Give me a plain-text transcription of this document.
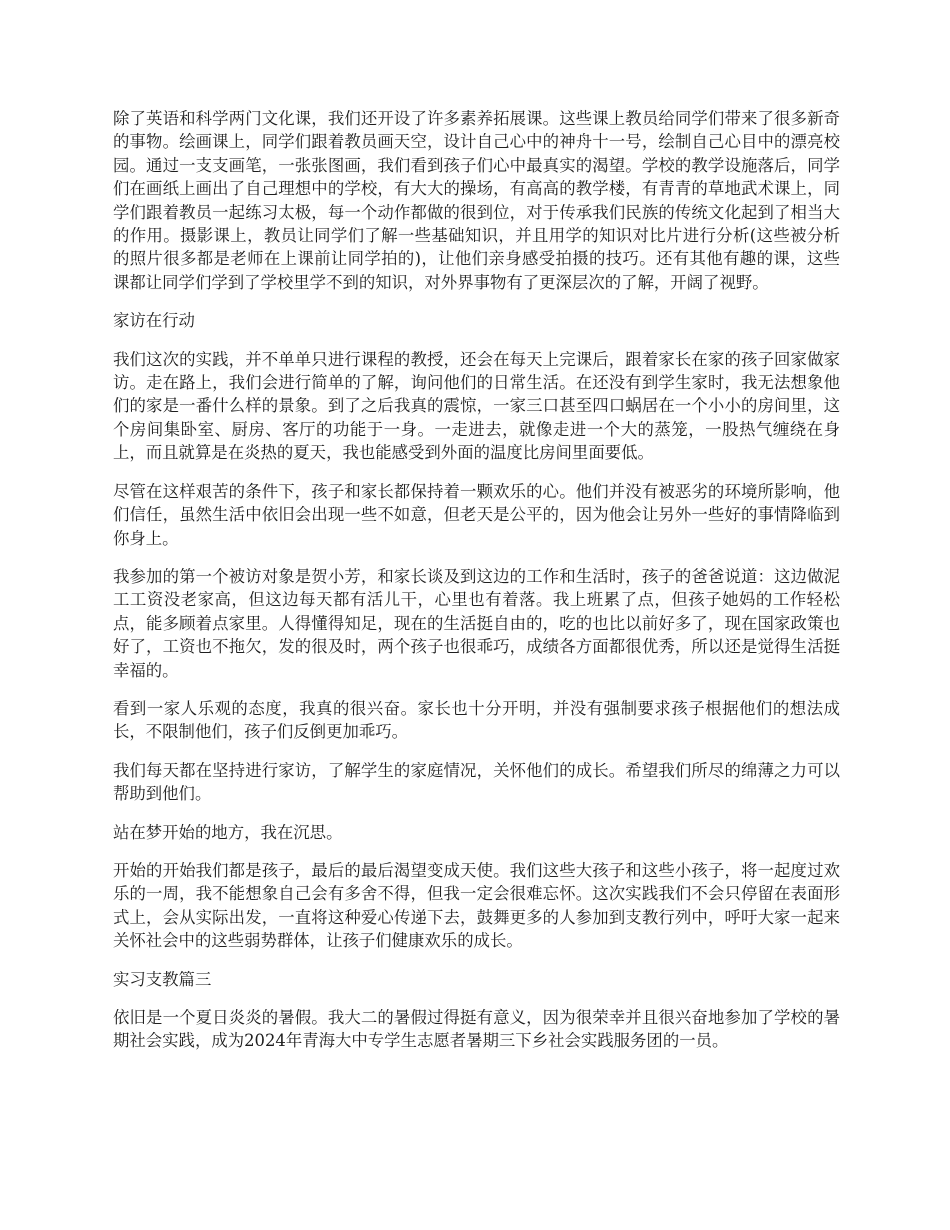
除了英语和科学两门文化课，我们还开设了许多素养拓展课。这些课上教员给同学们带来了很多新奇的事物。绘画课上，同学们跟着教员画天空，设计自己心中的神舟十一号，绘制自己心目中的漂亮校园。通过一支支画笔，一张张图画，我们看到孩子们心中最真实的渴望。学校的教学设施落后，同学们在画纸上画出了自己理想中的学校，有大大的操场，有高高的教学楼，有青青的草地武术课上，同学们跟着教员一起练习太极，每一个动作都做的很到位，对于传承我们民族的传统文化起到了相当大的作用。摄影课上，教员让同学们了解一些基础知识，并且用学的知识对比片进行分析(这些被分析的照片很多都是老师在上课前让同学拍的)，让他们亲身感受拍摄的技巧。还有其他有趣的课，这些课都让同学们学到了学校里学不到的知识，对外界事物有了更深层次的了解，开阔了视野。

家访在行动

我们这次的实践，并不单单只进行课程的教授，还会在每天上完课后，跟着家长在家的孩子回家做家访。走在路上，我们会进行简单的了解，询问他们的日常生活。在还没有到学生家时，我无法想象他们的家是一番什么样的景象。到了之后我真的震惊，一家三口甚至四口蜗居在一个小小的房间里，这个房间集卧室、厨房、客厅的功能于一身。一走进去，就像走进一个大的蒸笼，一股热气缠绕在身上，而且就算是在炎热的夏天，我也能感受到外面的温度比房间里面要低。

尽管在这样艰苦的条件下，孩子和家长都保持着一颗欢乐的心。他们并没有被恶劣的环境所影响，他们信任，虽然生活中依旧会出现一些不如意，但老天是公平的，因为他会让另外一些好的事情降临到你身上。

我参加的第一个被访对象是贺小芳，和家长谈及到这边的工作和生活时，孩子的爸爸说道：这边做泥工工资没老家高，但这边每天都有活儿干，心里也有着落。我上班累了点，但孩子她妈的工作轻松点，能多顾着点家里。人得懂得知足，现在的生活挺自由的，吃的也比以前好多了，现在国家政策也好了，工资也不拖欠，发的很及时，两个孩子也很乖巧，成绩各方面都很优秀，所以还是觉得生活挺幸福的。

看到一家人乐观的态度，我真的很兴奋。家长也十分开明，并没有强制要求孩子根据他们的想法成长，不限制他们，孩子们反倒更加乖巧。

我们每天都在坚持进行家访，了解学生的家庭情况，关怀他们的成长。希望我们所尽的绵薄之力可以帮助到他们。

站在梦开始的地方，我在沉思。

开始的开始我们都是孩子，最后的最后渴望变成天使。我们这些大孩子和这些小孩子，将一起度过欢乐的一周，我不能想象自己会有多舍不得，但我一定会很难忘怀。这次实践我们不会只停留在表面形式上，会从实际出发，一直将这种爱心传递下去，鼓舞更多的人参加到支教行列中，呼吁大家一起来关怀社会中的这些弱势群体，让孩子们健康欢乐的成长。

实习支教篇三

依旧是一个夏日炎炎的暑假。我大二的暑假过得挺有意义，因为很荣幸并且很兴奋地参加了学校的暑期社会实践，成为2024年青海大中专学生志愿者暑期三下乡社会实践服务团的一员。
